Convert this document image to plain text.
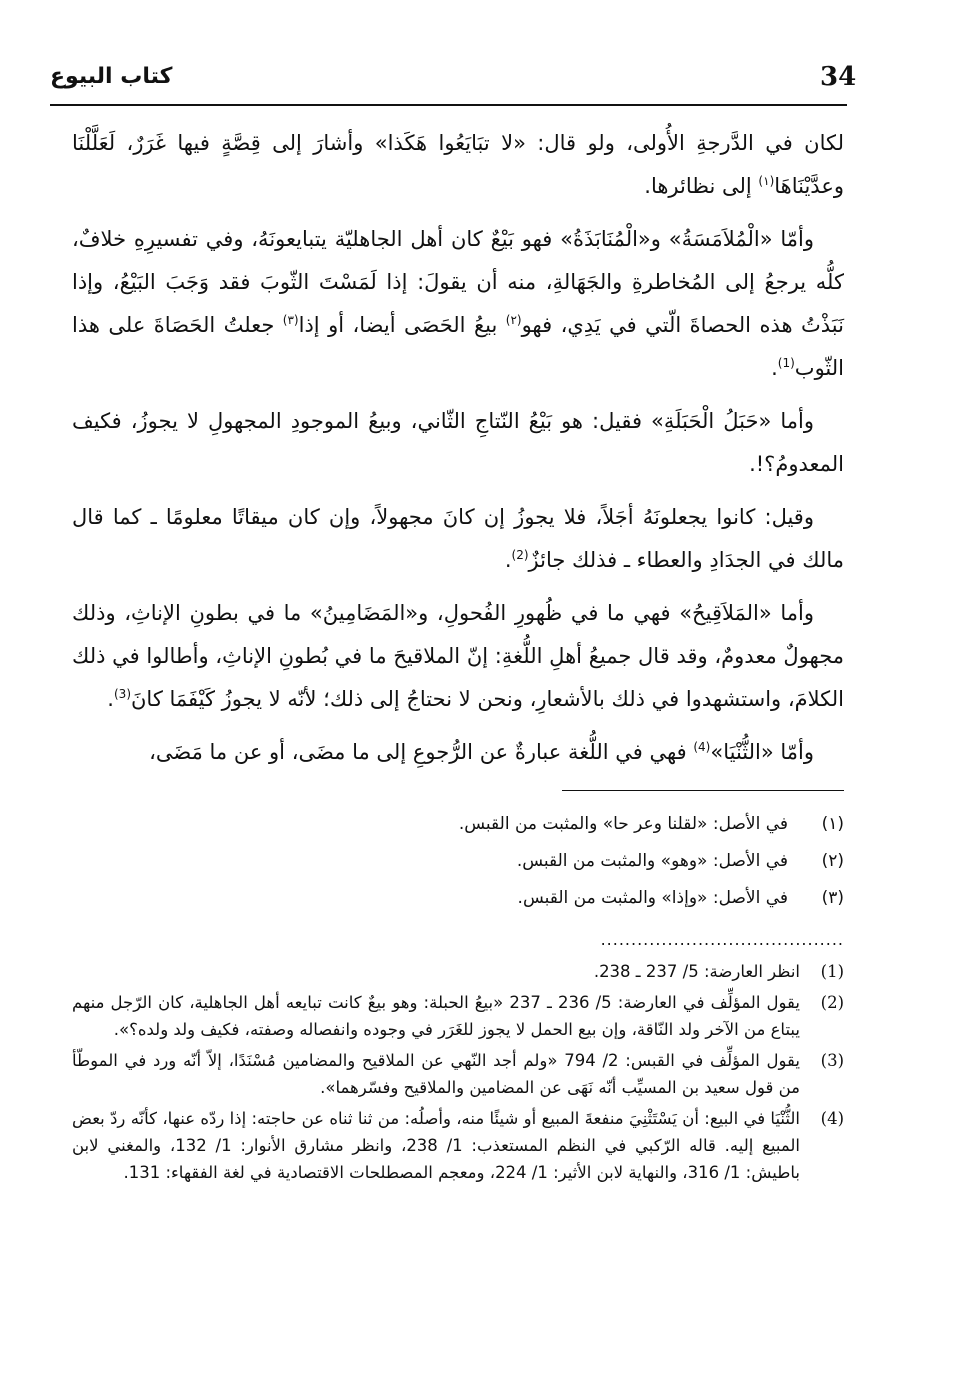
34
كتاب البيوع

لكان في الدَّرجةِ الأُولى، ولو قال: «لا تبَايَعُوا هَكَذا» وأشارَ إلى قِصَّةٍ فيها غَرَرٌ، لَعَلَّلْنَا وعدَّيْنَاهَا$^{(١)}$ إلى نظائرها.

وأمّا «الْمُلاَمَسَةُ» و«الْمُنَابَذَةُ» فهو بَيْعٌ كان أهل الجاهليّة يتبايعونَهُ، وفي تفسيرِهِ خلافٌ، كلُّه يرجعُ إلى المُخاطرةِ والجَهَالةِ، منه أن يقولَ: إذا لَمَسْتَ الثّوبَ فقد وَجَبَ البَيْعُ، وإذا نَبَذْتُ هذه الحصاةَ الّتي في يَدِي، فهو$^{(٢)}$ بيعُ الحَصَى أيضا، أو إذا$^{(٣)}$ جعلتُ الحَصَاةَ على هذا الثّوب$^{(1)}$.

وأما «حَبَلُ الْحَبَلَةِ» فقيل: هو بَيْعُ النّتاجِ الثّاني، وبيعُ الموجودِ المجهولِ لا يجوزُ، فكيف المعدومُ؟!.

وقيل: كانوا يجعلونَهُ أجَلاً، فلا يجوزُ إن كانَ مجهولاً، وإن كان ميقاتًا معلومًا ـ كما قال مالك في الجدَادِ والعطاء ـ فذلك جائزٌ$^{(2)}$.

وأما «المَلاَقِيحُ» فهي ما في ظُهورِ الفُحولِ، و«المَضَامِينُ» ما في بطونِ الإناثِ، وذلك مجهولٌ معدومٌ، وقد قال جميعُ أهلِ اللُّغةِ: إنّ الملاقيحَ ما في بُطونِ الإناثِ، وأطالوا في ذلك الكلامَ، واستشهدوا في ذلك بالأشعارِ، ونحن لا نحتاجُ إلى ذلك؛ لأنّه لا يجوزُ كَيْفَمَا كانَ$^{(3)}$.

وأمّا «الثُّنْيَا»$^{(4)}$ فهي في اللُّغة عبارةٌ عن الرُّجوعِ إلى ما مضَى، أو عن ما مَضَى،

(١)
في الأصل: «لقلنا وعر حا» والمثبت من القبس.
(٢)
في الأصل: «وهو» والمثبت من القبس.
(٣)
في الأصل: «وإذا» والمثبت من القبس.
........................................
(1)
انظر العارضة: 5/ 237 ـ 238.
(2)
يقول المؤلِّف في العارضة: 5/ 236 ـ 237 «بيعُ الحبلة: وهو بيعٌ كانت تبايعه أهل الجاهلية، كان الرّجل منهم يبتاع من الآخر ولد النّاقة، وإن بيع الحمل لا يجوز للغَرَر في وجوده وانفصاله وصفته، فكيف ولد ولده؟».
(3)
يقول المؤلِّف في القبس: 2/ 794 «ولم أجد النّهي عن الملاقيح والمضامين مُسْنَدًا، إلاّ أنّه ورد في الموطّأ من قول سعيد بن المسيِّب أنّه نَهَى عن المضامين والملاقيح وفسّرهما».
(4)
الثُّنْيَا في البيع: أن يَسْتَثْنِيَ منفعةَ المبيع أو شيئًا منه، وأصلُه: من ثنا ثناه عن حاجته: إذا ردّه عنها، كأنّه ردّ بعض المبيع إليه. قاله الرّكبي في النظم المستعذب: 1/ 238، وانظر مشارق الأنوار: 1/ 132، والمغني لابن باطيش: 1/ 316، والنهاية لابن الأثير: 1/ 224، ومعجم المصطلحات الاقتصادية في لغة الفقهاء: 131.
